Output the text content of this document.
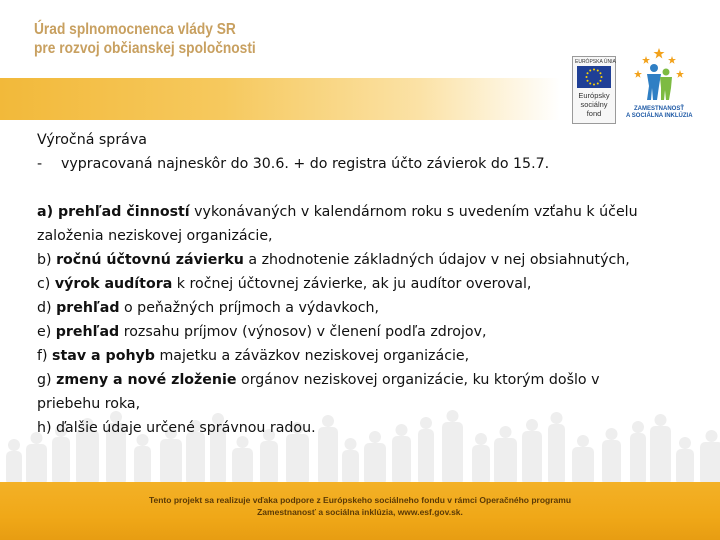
Úrad splnomocnenca vlády SR
pre rozvoj občianskej spoločnosti
EURÓPSKA ÚNIA
Európsky
sociálny
fond	ZAMESTNANOSŤ
A SOCIÁLNA INKLÚZIA
Výročná správa
- vypracovaná najneskôr do 30.6. + do registra účto závierok do 15.7.
a) prehľad činností vykonávaných v kalendárnom roku s uvedením vzťahu k účelu založenia neziskovej organizácie,
b) ročnú účtovnú závierku a zhodnotenie základných údajov v nej obsiahnutých,
c) výrok audítora k ročnej účtovnej závierke, ak ju audítor overoval,
d) prehľad o peňažných príjmoch a výdavkoch,
e) prehľad rozsahu príjmov (výnosov) v členení podľa zdrojov,
f) stav a pohyb majetku a záväzkov neziskovej organizácie,
g) zmeny a nové zloženie orgánov neziskovej organizácie, ku ktorým došlo v priebehu roka,
h) ďalšie údaje určené správnou radou.
Tento projekt sa realizuje vďaka podpore z Európskeho sociálneho fondu v rámci Operačného programu
Zamestnanosť a sociálna inklúzia, www.esf.gov.sk.
